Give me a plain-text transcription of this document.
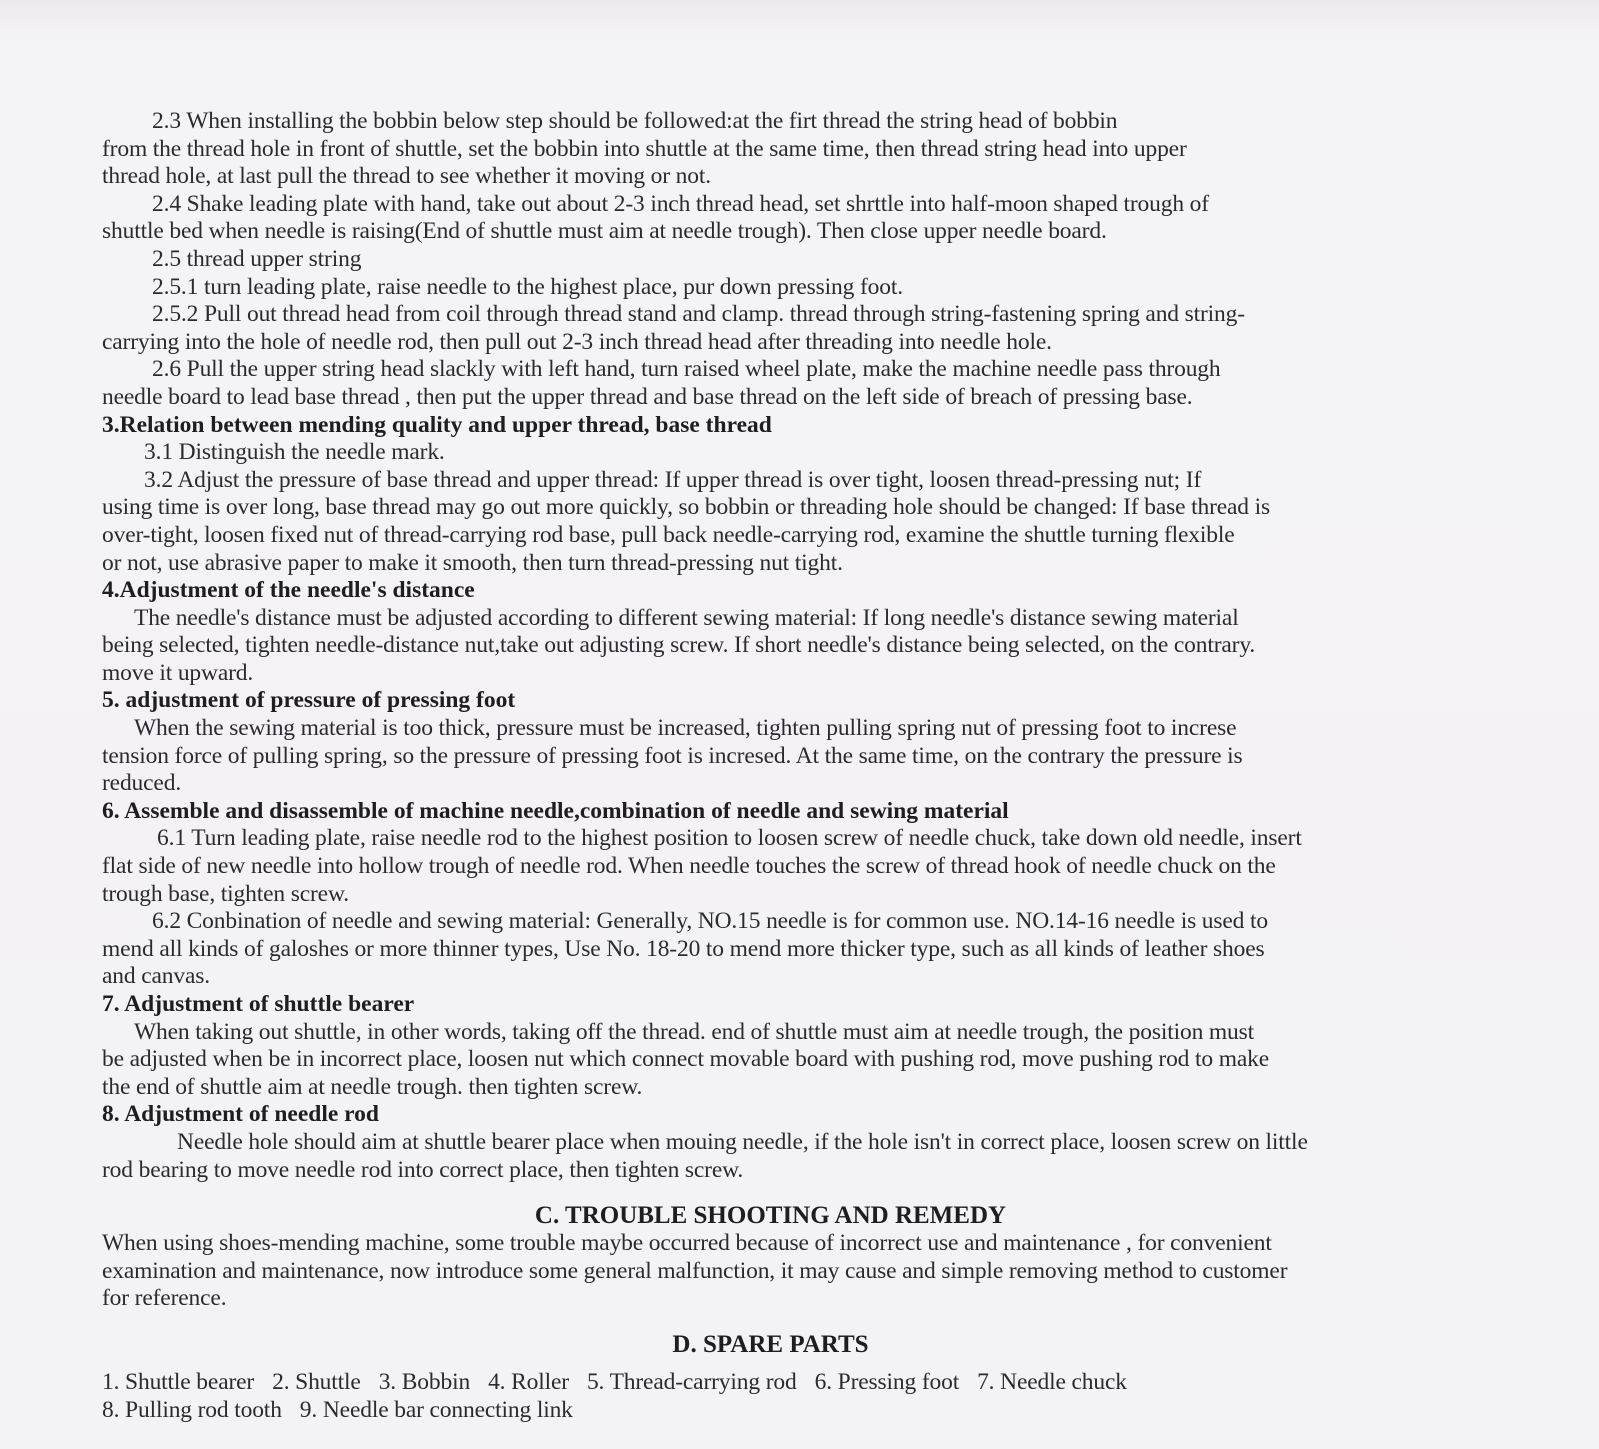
2.3 When installing the bobbin below step should be followed:at the firt thread the string head of bobbin
from the thread hole in front of shuttle, set the bobbin into shuttle at the same time, then thread string head into upper
thread hole, at last pull the thread to see whether it moving or not.
2.4 Shake leading plate with hand, take out about 2-3 inch thread head, set shrttle into half-moon shaped trough of
shuttle bed when needle is raising(End of shuttle must aim at needle trough). Then close upper needle board.
2.5 thread upper string
2.5.1 turn leading plate, raise needle to the highest place, pur down pressing foot.
2.5.2 Pull out thread head from coil through thread stand and clamp. thread through string-fastening spring and string-
carrying into the hole of needle rod, then pull out 2-3 inch thread head after threading into needle hole.
2.6 Pull the upper string head slackly with left hand, turn raised wheel plate, make the machine needle pass through
needle board to lead base thread , then put the upper thread and base thread on the left side of breach of pressing base.
3.Relation between mending quality and upper thread, base thread
3.1 Distinguish the needle mark.
3.2 Adjust the pressure of base thread and upper thread: If upper thread is over tight, loosen thread-pressing nut; If
using time is over long, base thread may go out more quickly, so bobbin or threading hole should be changed: If base thread is
over-tight, loosen fixed nut of thread-carrying rod base, pull back needle-carrying rod, examine the shuttle turning flexible
or not, use abrasive paper to make it smooth, then turn thread-pressing nut tight.
4.Adjustment of the needle's distance
The needle's distance must be adjusted according to different sewing material: If long needle's distance sewing material
being selected, tighten needle-distance nut,take out adjusting screw. If short needle's distance being selected, on the contrary.
move it upward.
5. adjustment of pressure of pressing foot
When the sewing material is too thick, pressure must be increased, tighten pulling spring nut of pressing foot to increse
tension force of pulling spring, so the pressure of pressing foot is incresed. At the same time, on the contrary the pressure is
reduced.
6. Assemble and disassemble of machine needle,combination of needle and sewing material
6.1 Turn leading plate, raise needle rod to the highest position to loosen screw of needle chuck, take down old needle, insert
flat side of new needle into hollow trough of needle rod. When needle touches the screw of thread hook of needle chuck on the
trough base, tighten screw.
6.2 Conbination of needle and sewing material: Generally, NO.15 needle is for common use. NO.14-16 needle is used to
mend all kinds of galoshes or more thinner types, Use No. 18-20 to mend more thicker type, such as all kinds of leather shoes
and canvas.
7. Adjustment of shuttle bearer
When taking out shuttle, in other words, taking off the thread. end of shuttle must aim at needle trough, the position must
be adjusted when be in incorrect place, loosen nut which connect movable board with pushing rod, move pushing rod to make
the end of shuttle aim at needle trough. then tighten screw.
8. Adjustment of needle rod
Needle hole should aim at shuttle bearer place when mouing needle, if the hole isn't in correct place, loosen screw on little
rod bearing to move needle rod into correct place, then tighten screw.
C. TROUBLE SHOOTING AND REMEDY
When using shoes-mending machine, some trouble maybe occurred because of incorrect use and maintenance , for convenient
examination and maintenance, now introduce some general malfunction, it may cause and simple removing method to customer
for reference.
D. SPARE PARTS
1. Shuttle bearer 2. Shuttle 3. Bobbin 4. Roller 5. Thread-carrying rod 6. Pressing foot 7. Needle chuck
8. Pulling rod tooth 9. Needle bar connecting link
